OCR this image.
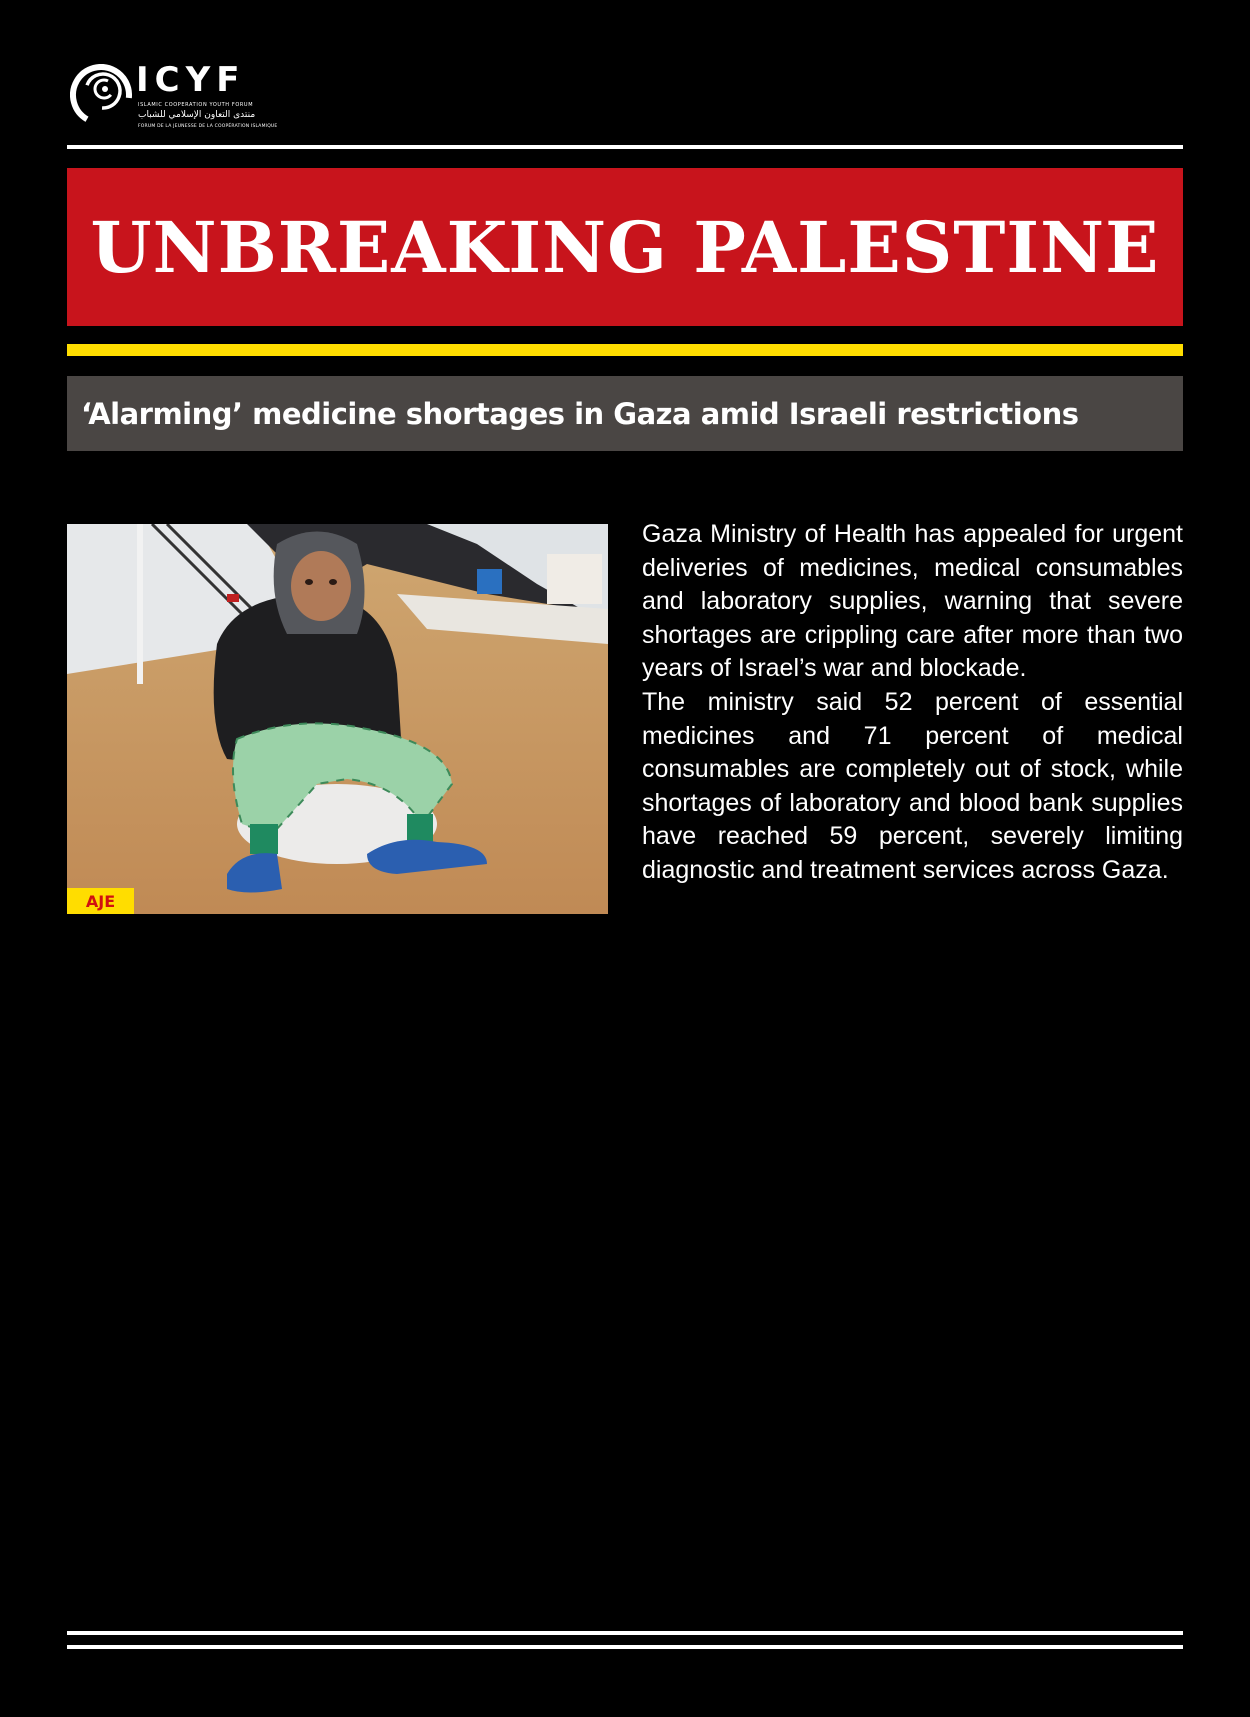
ICYF
ISLAMIC COOPERATION YOUTH FORUM
منتدى التعاون الإسلامي للشباب
FORUM DE LA JEUNESSE DE LA COOPÉRATION ISLAMIQUE
UNBREAKING PALESTINE
‘Alarming’ medicine shortages in Gaza amid Israeli restrictions
AJE

Gaza Ministry of Health has appealed for urgent deliveries of medicines, medical consumables and laboratory supplies, warning that severe shortages are crippling care after more than two years of Israel’s war and blockade.

The ministry said 52 percent of essential medicines and 71 percent of medical consumables are completely out of stock, while shortages of laboratory and blood bank supplies have reached 59 percent, severely limiting diagnostic and treatment services across Gaza.
